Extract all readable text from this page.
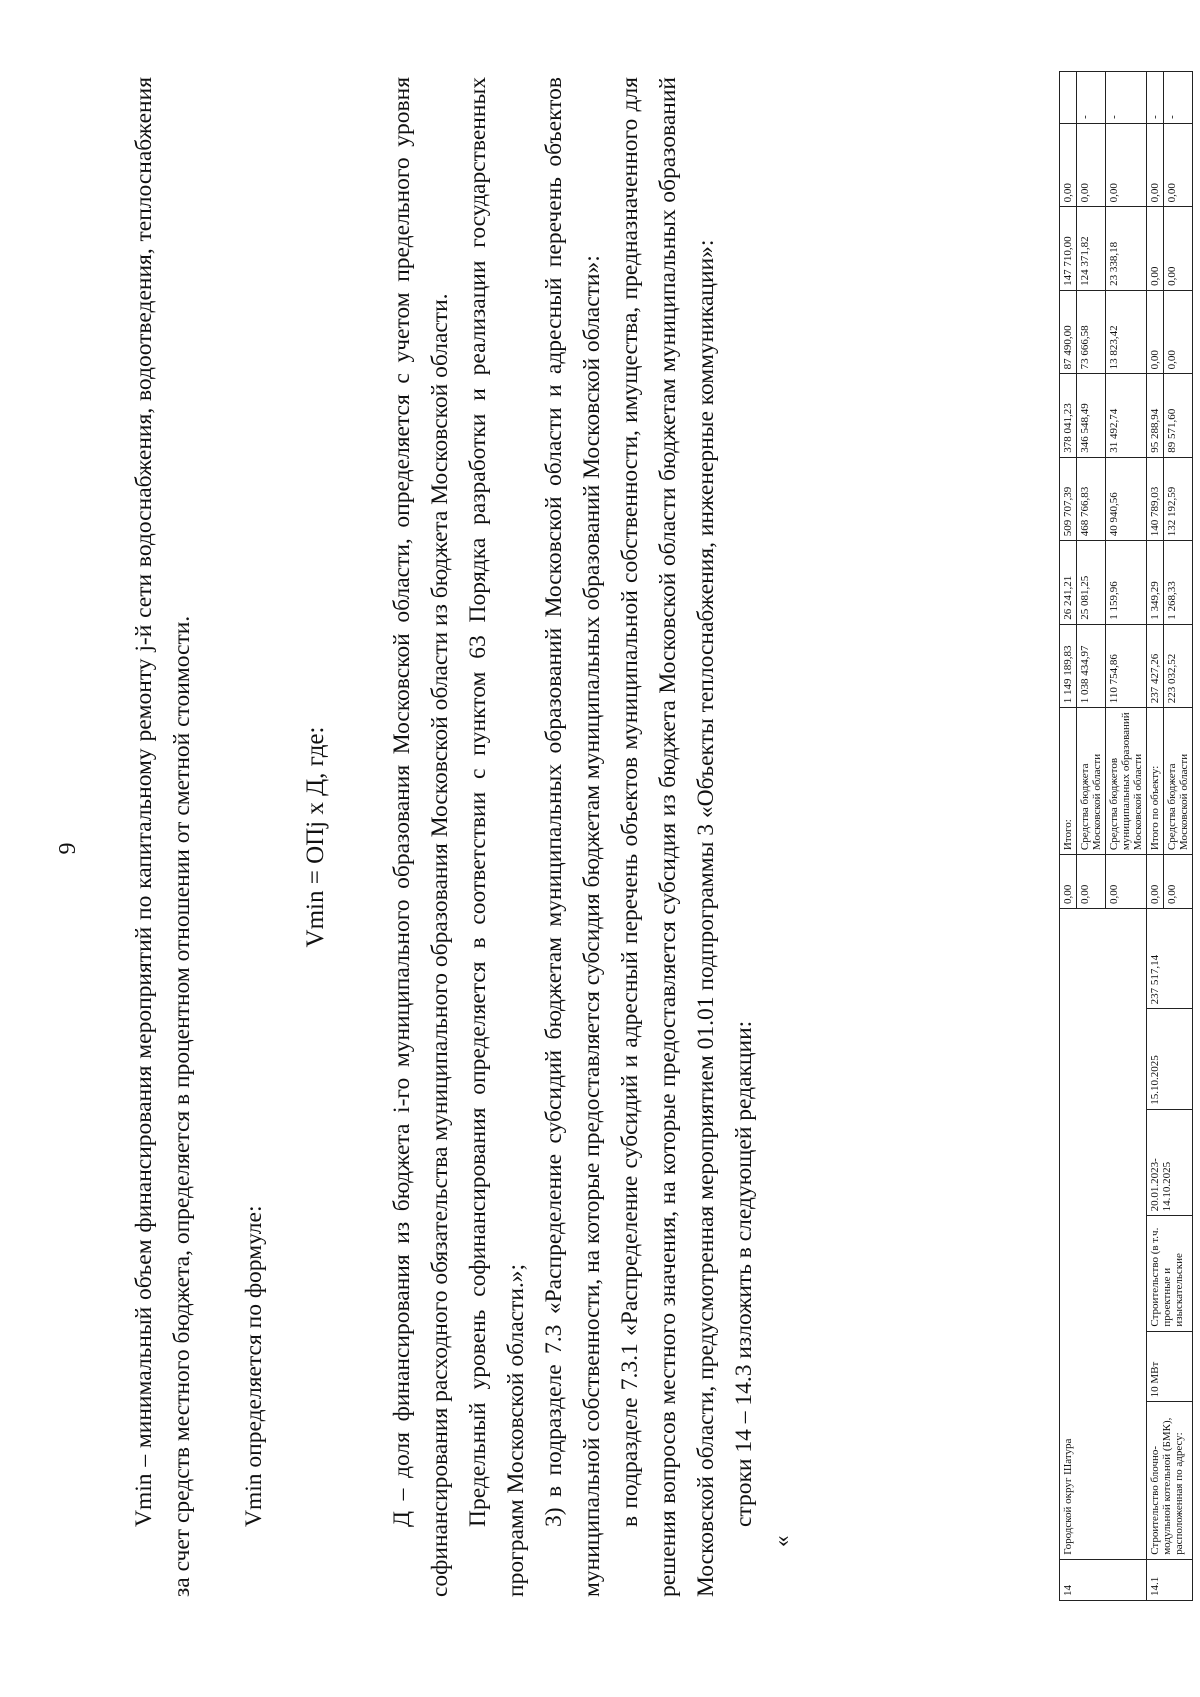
9 Vmin – минимальный объем финансирования мероприятий по капитальному ремонту j-й сети водоснабжения, водоотведения, теплоснабжения за счет средств местного бюджета, определяется в процентном отношении от сметной стоимости. Vmin определяется по формуле:

Vmin = OПj х Д, где:	Д – доля финансирования из бюджета i-го муниципального образования Московской области, определяется с учетом предельного уровня софинансирования расходного обязательства муниципального образования Московской области из бюджета Московской области. Предельный уровень софинансирования определяется в соответствии с пунктом 63 Порядка разработки и реализации государственных программ Московской области.»; 3) в подразделе 7.3 «Распределение субсидий бюджетам муниципальных образований Московской области и адресный перечень объектов муниципальной собственности, на которые предоставляется субсидия бюджетам муниципальных образований Московской области»: в подразделе 7.3.1 «Распределение субсидий и адресный перечень объектов муниципальной собственности, имущества, предназначенного для решения вопросов местного значения, на которые предоставляется субсидия из бюджета Московской области бюджетам муниципальных образований Московской области, предусмотренная мероприятием 01.01 подпрограммы 3 «Объекты теплоснабжения, инженерные коммуникации»: строки 14 – 14.3 изложить в следующей редакции:

«
14	Городской округ Шатура						0,00	Итого:	1 149 189,83	26 241,21	509 707,39	378 041,23	87 490,00	147 710,00	0,00	
							0,00	Средства бюджета Московской области	1 038 434,97	25 081,25	468 766,83	346 548,49	73 666,58	124 371,82	0,00	-
							0,00	Средства бюджетов муниципальных образований Московской области	110 754,86	1 159,96	40 940,56	31 492,74	13 823,42	23 338,18	0,00	-
14.1	Строительство блочно-модульной котельной (БМК), расположенная по адресу:	10 МВт	Строительство (в т.ч. проектные и изыскательские	20.01.2023-14.10.2025	15.10.2025	237 517,14	0,00	Итого по объекту:	237 427,26	1 349,29	140 789,03	95 288,94	0,00	0,00	0,00	-
							0,00	Средства бюджета Московской области	223 032,52	1 268,33	132 192,59	89 571,60	0,00	0,00	0,00	-
